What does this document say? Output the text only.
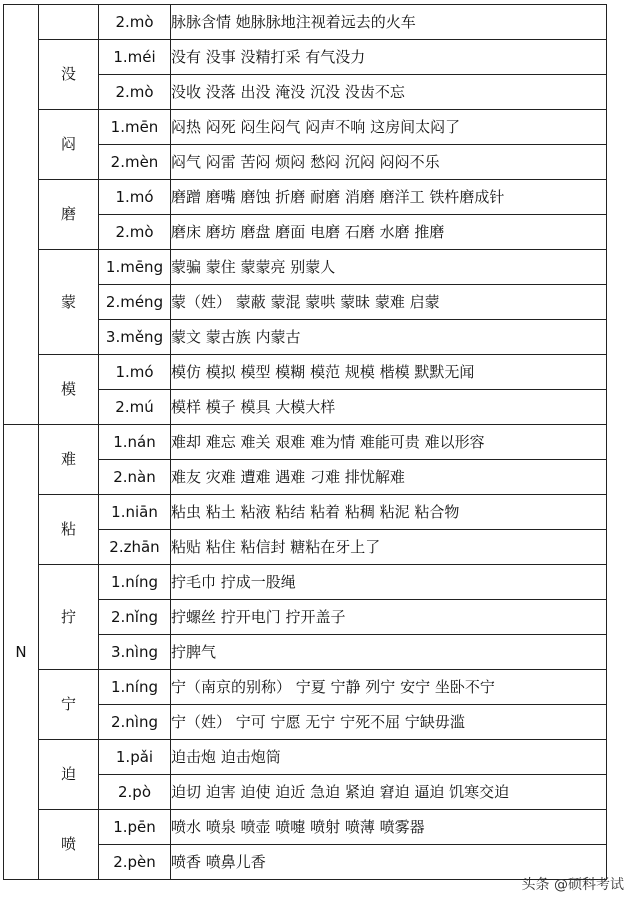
		2.mò	脉脉含情 她脉脉地注视着远去的火车
	没	1.méi	没有 没事 没精打采 有气没力
		2.mò	没收 没落 出没 淹没 沉没 没齿不忘
	闷	1.mēn	闷热 闷死 闷生闷气 闷声不响 这房间太闷了
		2.mèn	闷气 闷雷 苦闷 烦闷 愁闷 沉闷 闷闷不乐
	磨	1.mó	磨蹭 磨嘴 磨蚀 折磨 耐磨 消磨 磨洋工 铁杵磨成针
		2.mò	磨床 磨坊 磨盘 磨面 电磨 石磨 水磨 推磨
	蒙	1.mēng	蒙骗 蒙住 蒙蒙亮 别蒙人
		2.méng	蒙（姓） 蒙蔽 蒙混 蒙哄 蒙昧 蒙难 启蒙
		3.měng	蒙文 蒙古族 内蒙古
	模	1.mó	模仿 模拟 模型 模糊 模范 规模 楷模 默默无闻
		2.mú	模样 模子 模具 大模大样
N	难	1.nán	难却 难忘 难关 艰难 难为情 难能可贵 难以形容
		2.nàn	难友 灾难 遭难 遇难 刁难 排忧解难
	粘	1.niān	粘虫 粘土 粘液 粘结 粘着 粘稠 粘泥 粘合物
		2.zhān	粘贴 粘住 粘信封 糖粘在牙上了
	拧	1.níng	拧毛巾 拧成一股绳
		2.nǐng	拧螺丝 拧开电门 拧开盖子
		3.nìng	拧脾气
	宁	1.níng	宁（南京的别称） 宁夏 宁静 列宁 安宁 坐卧不宁
		2.nìng	宁（姓） 宁可 宁愿 无宁 宁死不屈 宁缺毋滥
	迫	1.pǎi	迫击炮 迫击炮筒
		2.pò	迫切 迫害 迫使 迫近 急迫 紧迫 窘迫 逼迫 饥寒交迫
	喷	1.pēn	喷水 喷泉 喷壶 喷嚏 喷射 喷薄 喷雾器
		2.pèn	喷香 喷鼻儿香
头条 @硕科考试
